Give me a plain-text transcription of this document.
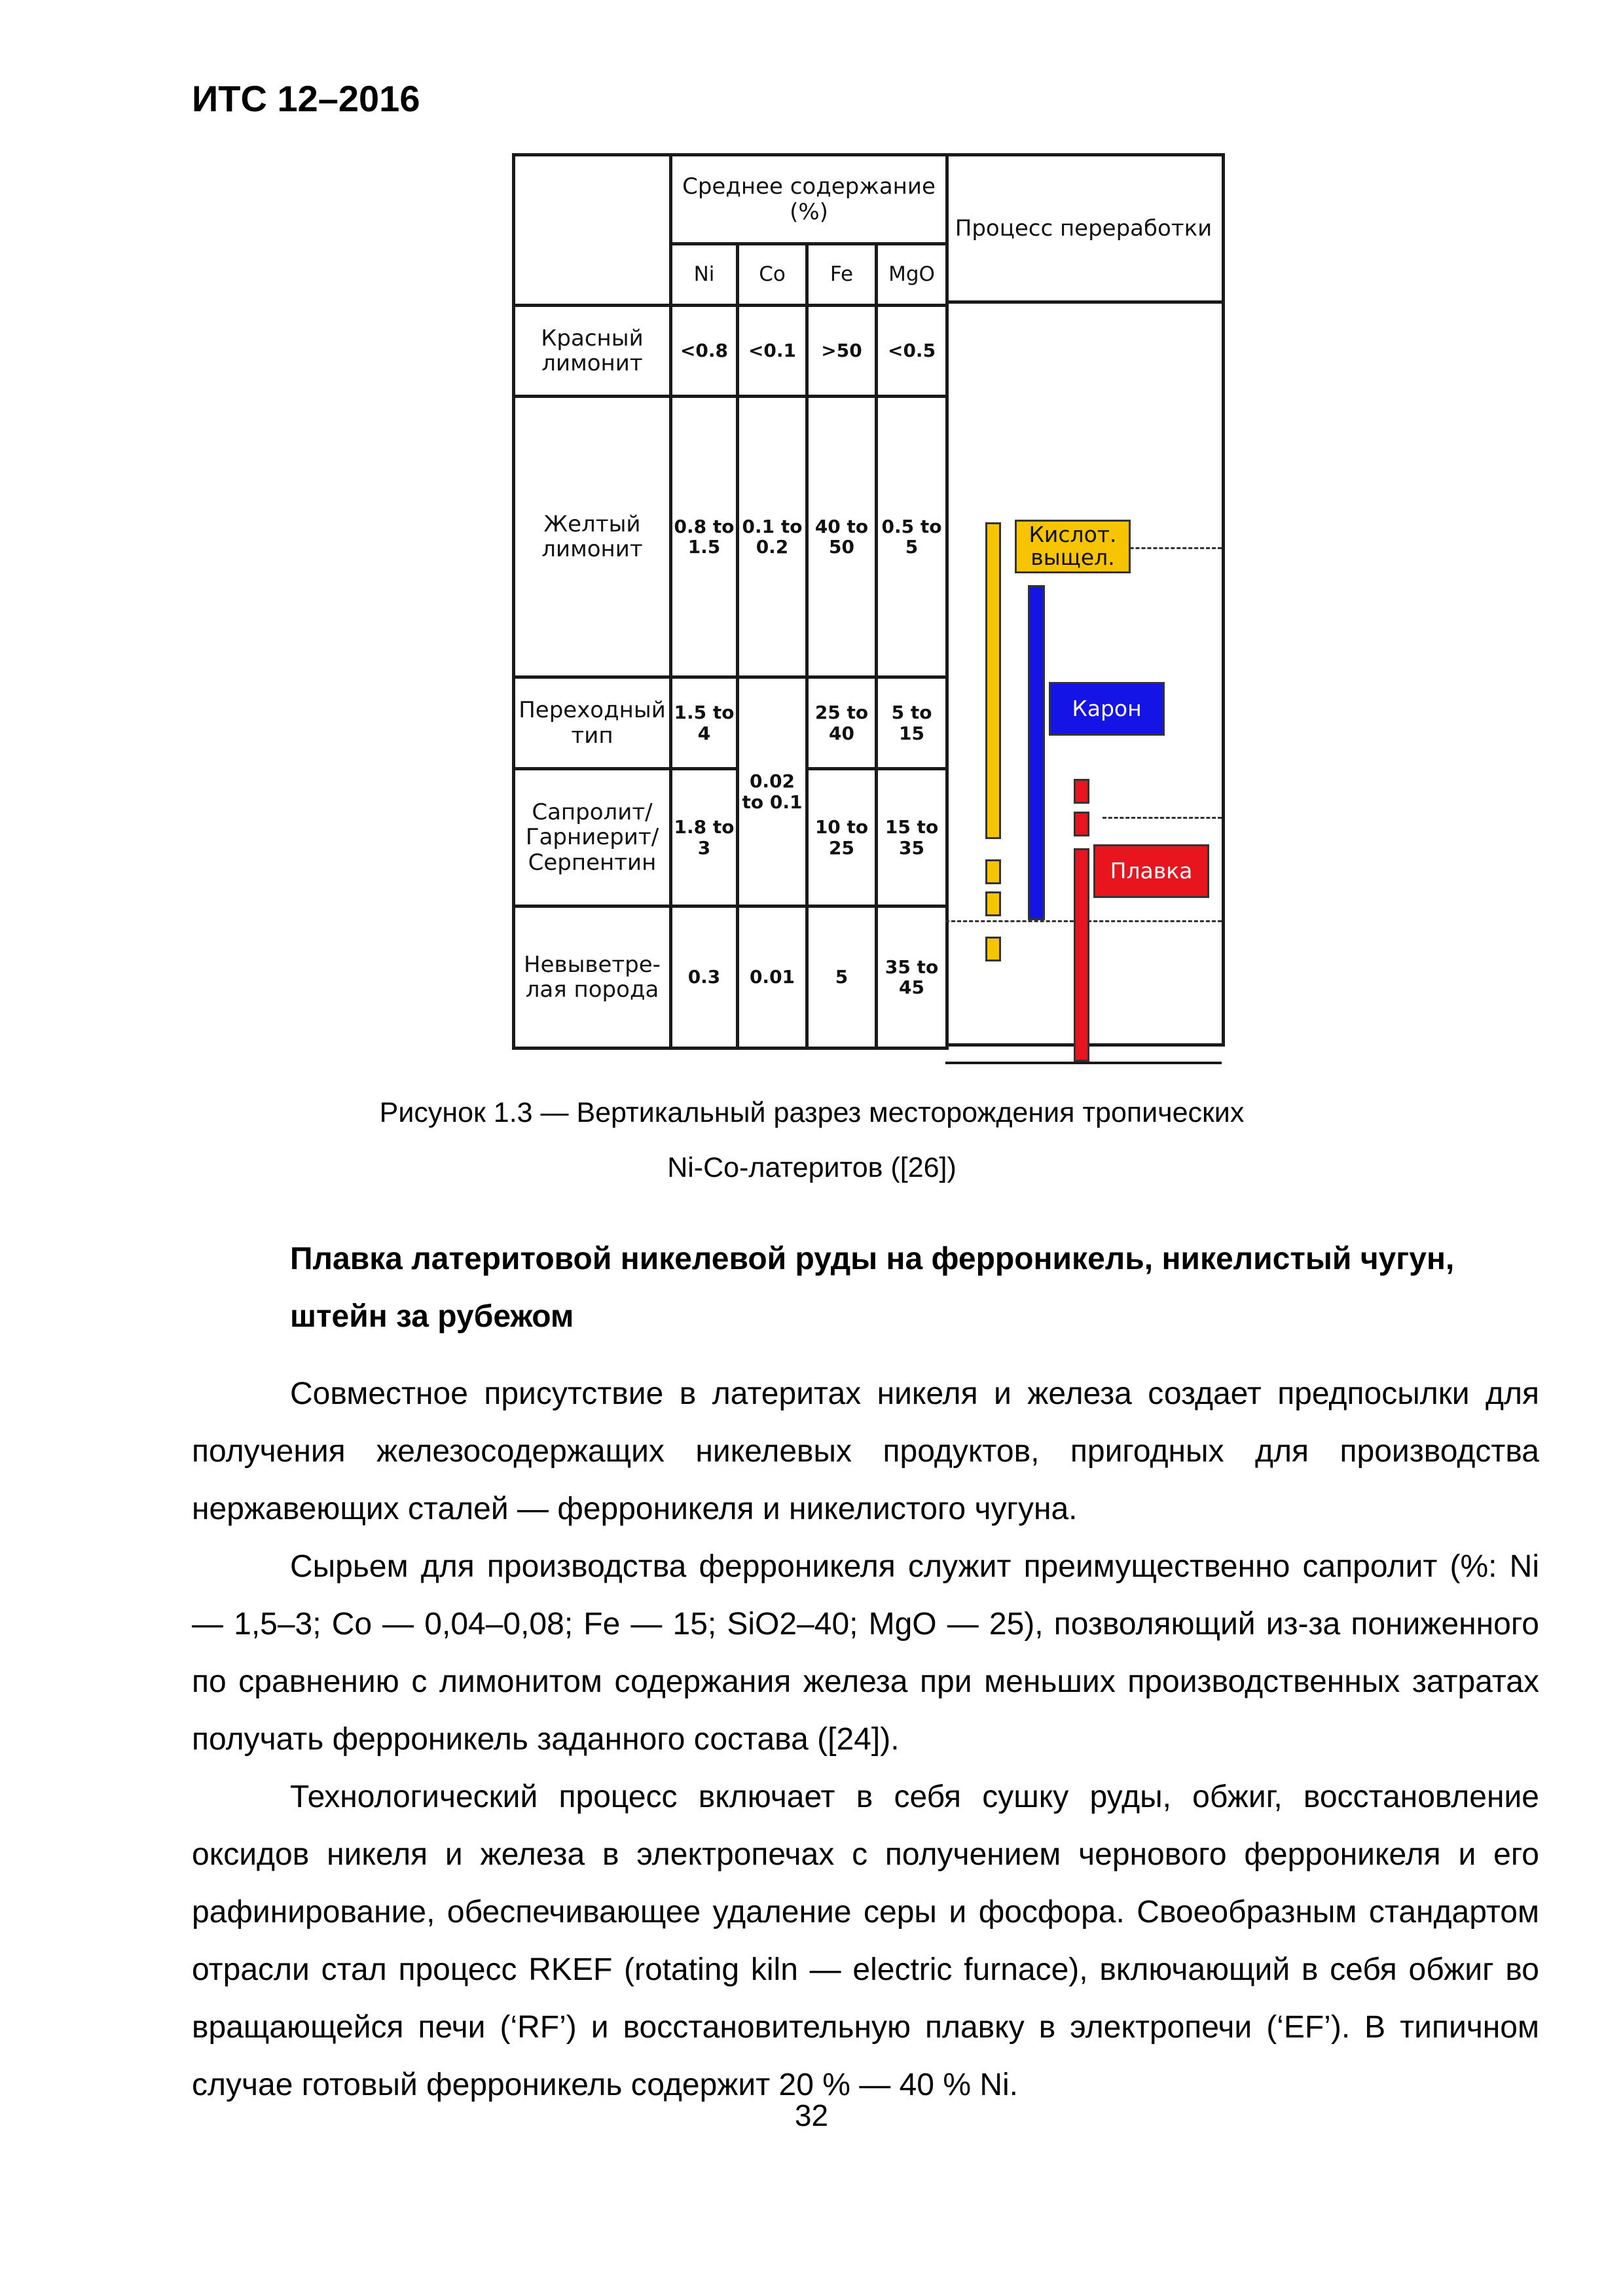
ИТС 12–2016
	Среднее содержание (%)			
	Ni	Co	Fe	MgO
Красный лимонит	<0.8	<0.1	>50	<0.5
Желтый лимонит	0.8 to 1.5	0.1 to 0.2	40 to 50	0.5 to 5
Переходный тип	1.5 to 4	0.02 to 0.1	25 to 40	5 to 15
Сапролит/ Гарниерит/ Серпентин	1.8 to 3		10 to 25	15 to 35
Невыветре-лая порода	0.3	0.01	5	35 to 45
Процесс переработки
Кислот. выщел.
Карон
Плавка
Рисунок 1.3 — Вертикальный разрез месторождения тропических
Ni-Co-латеритов ([26])
Плавка латеритовой никелевой руды на ферроникель, никелистый чугун, штейн за рубежом

Совместное присутствие в латеритах никеля и железа создает предпосылки для получения железосодержащих никелевых продуктов, пригодных для производства нержавеющих сталей — ферроникеля и никелистого чугуна.

Сырьем для производства ферроникеля служит преимущественно сапролит (%: Ni — 1,5–3; Co — 0,04–0,08; Fe — 15; SiO2–40; MgO — 25), позволяющий из-за пониженного по сравнению с лимонитом содержания железа при меньших производственных затратах получать ферроникель заданного состава ([24]).

Технологический процесс включает в себя сушку руды, обжиг, восстановление оксидов никеля и железа в электропечах с получением чернового ферроникеля и его рафинирование, обеспечивающее удаление серы и фосфора. Своеобразным стандартом отрасли стал процесс RKEF (rotating kiln — electric furnace), включающий в себя обжиг во вращающейся печи (‘RF’) и восстановительную плавку в электропечи (‘EF’). В типичном случае готовый ферроникель содержит 20 % — 40 % Ni.

32
